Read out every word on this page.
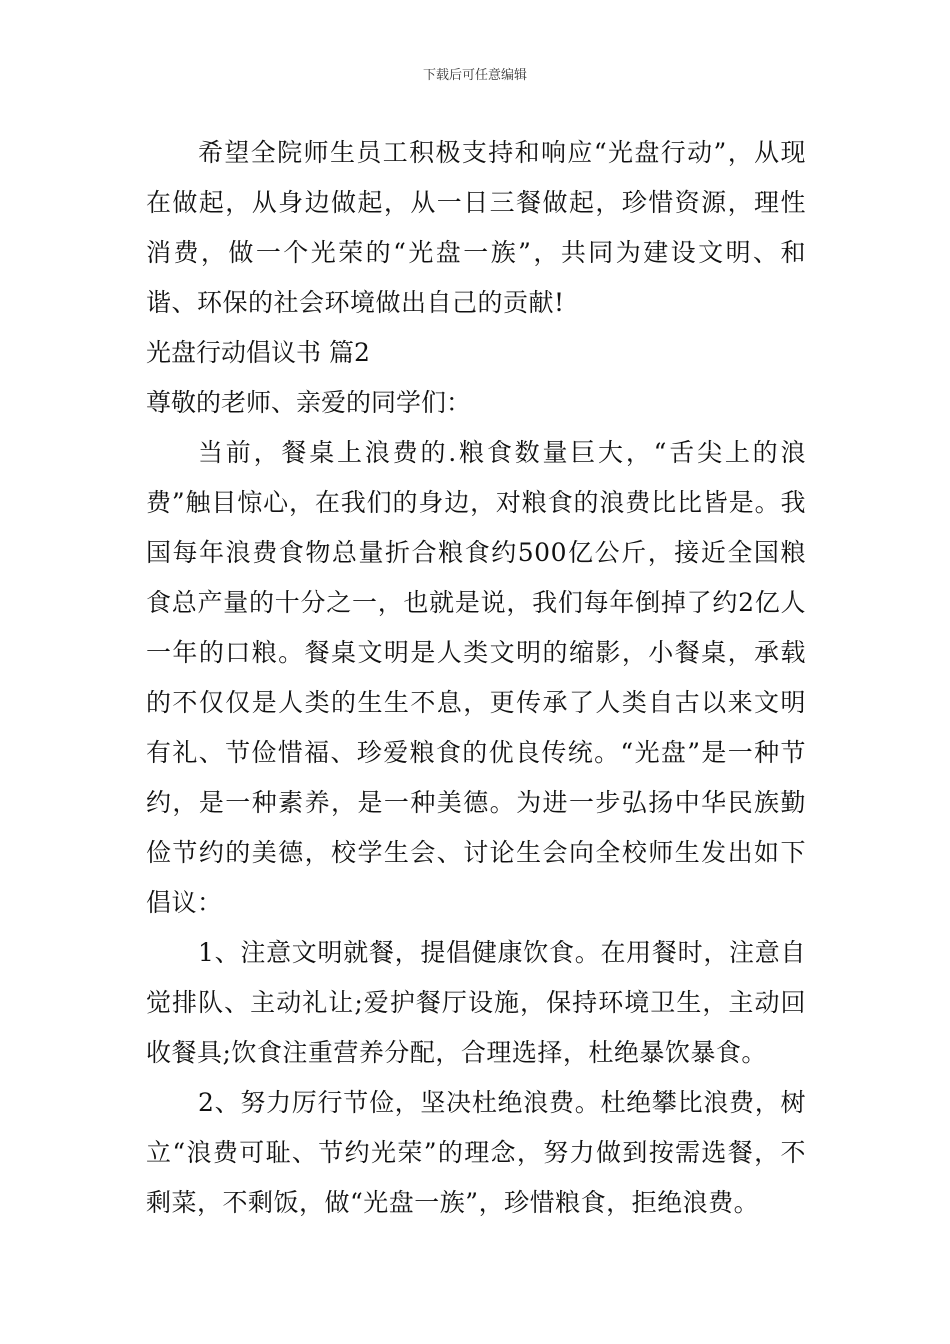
下载后可任意编辑

希望全院师生员工积极支持和响应“光盘行动”，从现在做起，从身边做起，从一日三餐做起，珍惜资源，理性消费，做一个光荣的“光盘一族”，共同为建设文明、和谐、环保的社会环境做出自己的贡献!

光盘行动倡议书 篇2

尊敬的老师、亲爱的同学们：

当前，餐桌上浪费的.粮食数量巨大，“舌尖上的浪费”触目惊心，在我们的身边，对粮食的浪费比比皆是。我国每年浪费食物总量折合粮食约500亿公斤，接近全国粮食总产量的十分之一，也就是说，我们每年倒掉了约2亿人一年的口粮。餐桌文明是人类文明的缩影，小餐桌，承载的不仅仅是人类的生生不息，更传承了人类自古以来文明有礼、节俭惜福、珍爱粮食的优良传统。“光盘”是一种节约，是一种素养，是一种美德。为进一步弘扬中华民族勤俭节约的美德，校学生会、讨论生会向全校师生发出如下倡议：

1、注意文明就餐，提倡健康饮食。在用餐时，注意自觉排队、主动礼让;爱护餐厅设施，保持环境卫生，主动回收餐具;饮食注重营养分配，合理选择，杜绝暴饮暴食。

2、努力厉行节俭，坚决杜绝浪费。杜绝攀比浪费，树立“浪费可耻、节约光荣”的理念，努力做到按需选餐，不剩菜，不剩饭，做“光盘一族”，珍惜粮食，拒绝浪费。
